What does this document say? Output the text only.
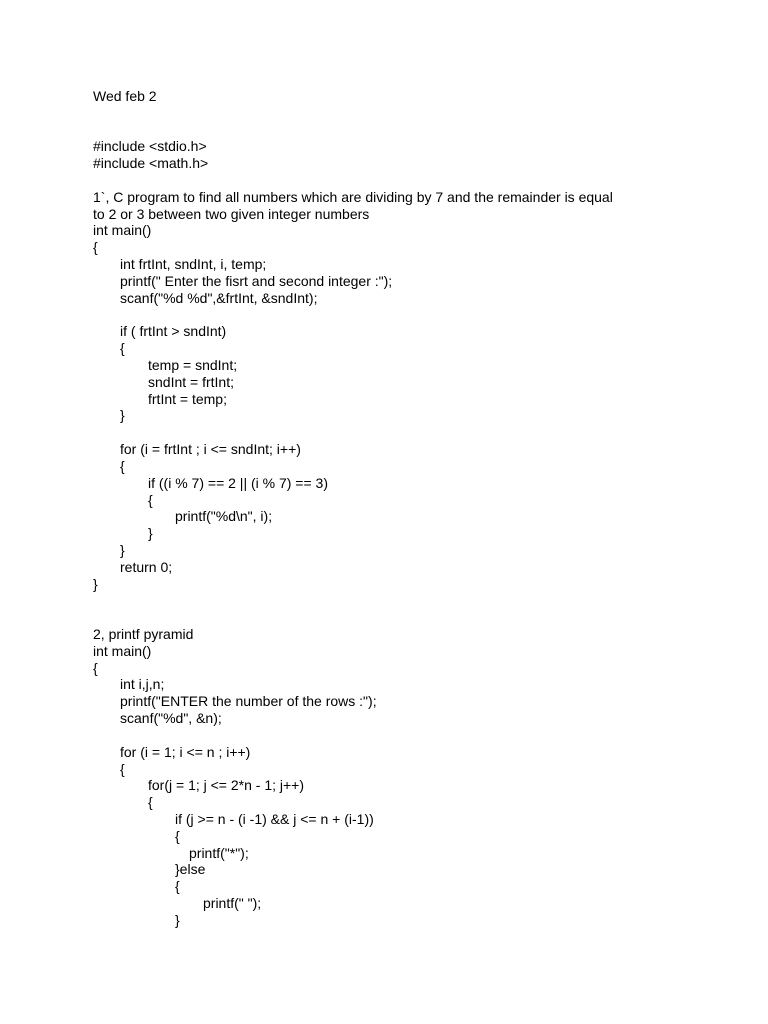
Wed feb 2
#include <stdio.h>
#include <math.h>
1`, C program to find all numbers which are dividing by 7 and the remainder is equal
to 2 or 3 between two given integer numbers
int main()
{
int frtInt, sndInt, i, temp;
printf(" Enter the fisrt and second integer :");
scanf("%d %d",&frtInt, &sndInt);
if ( frtInt > sndInt)
{
temp = sndInt;
sndInt = frtInt;
frtInt = temp;
}
for (i = frtInt ; i <= sndInt; i++)
{
if ((i % 7) == 2 || (i % 7) == 3)
{
printf("%d\n", i);
}
}
return 0;
}
2, printf pyramid
int main()
{
int i,j,n;
printf("ENTER the number of the rows :");
scanf("%d", &n);
for (i = 1; i <= n ; i++)
{
for(j = 1; j <= 2*n - 1; j++)
{
if (j >= n - (i -1) && j <= n + (i-1))
{
printf("*");
}else
{
printf(" ");
}
